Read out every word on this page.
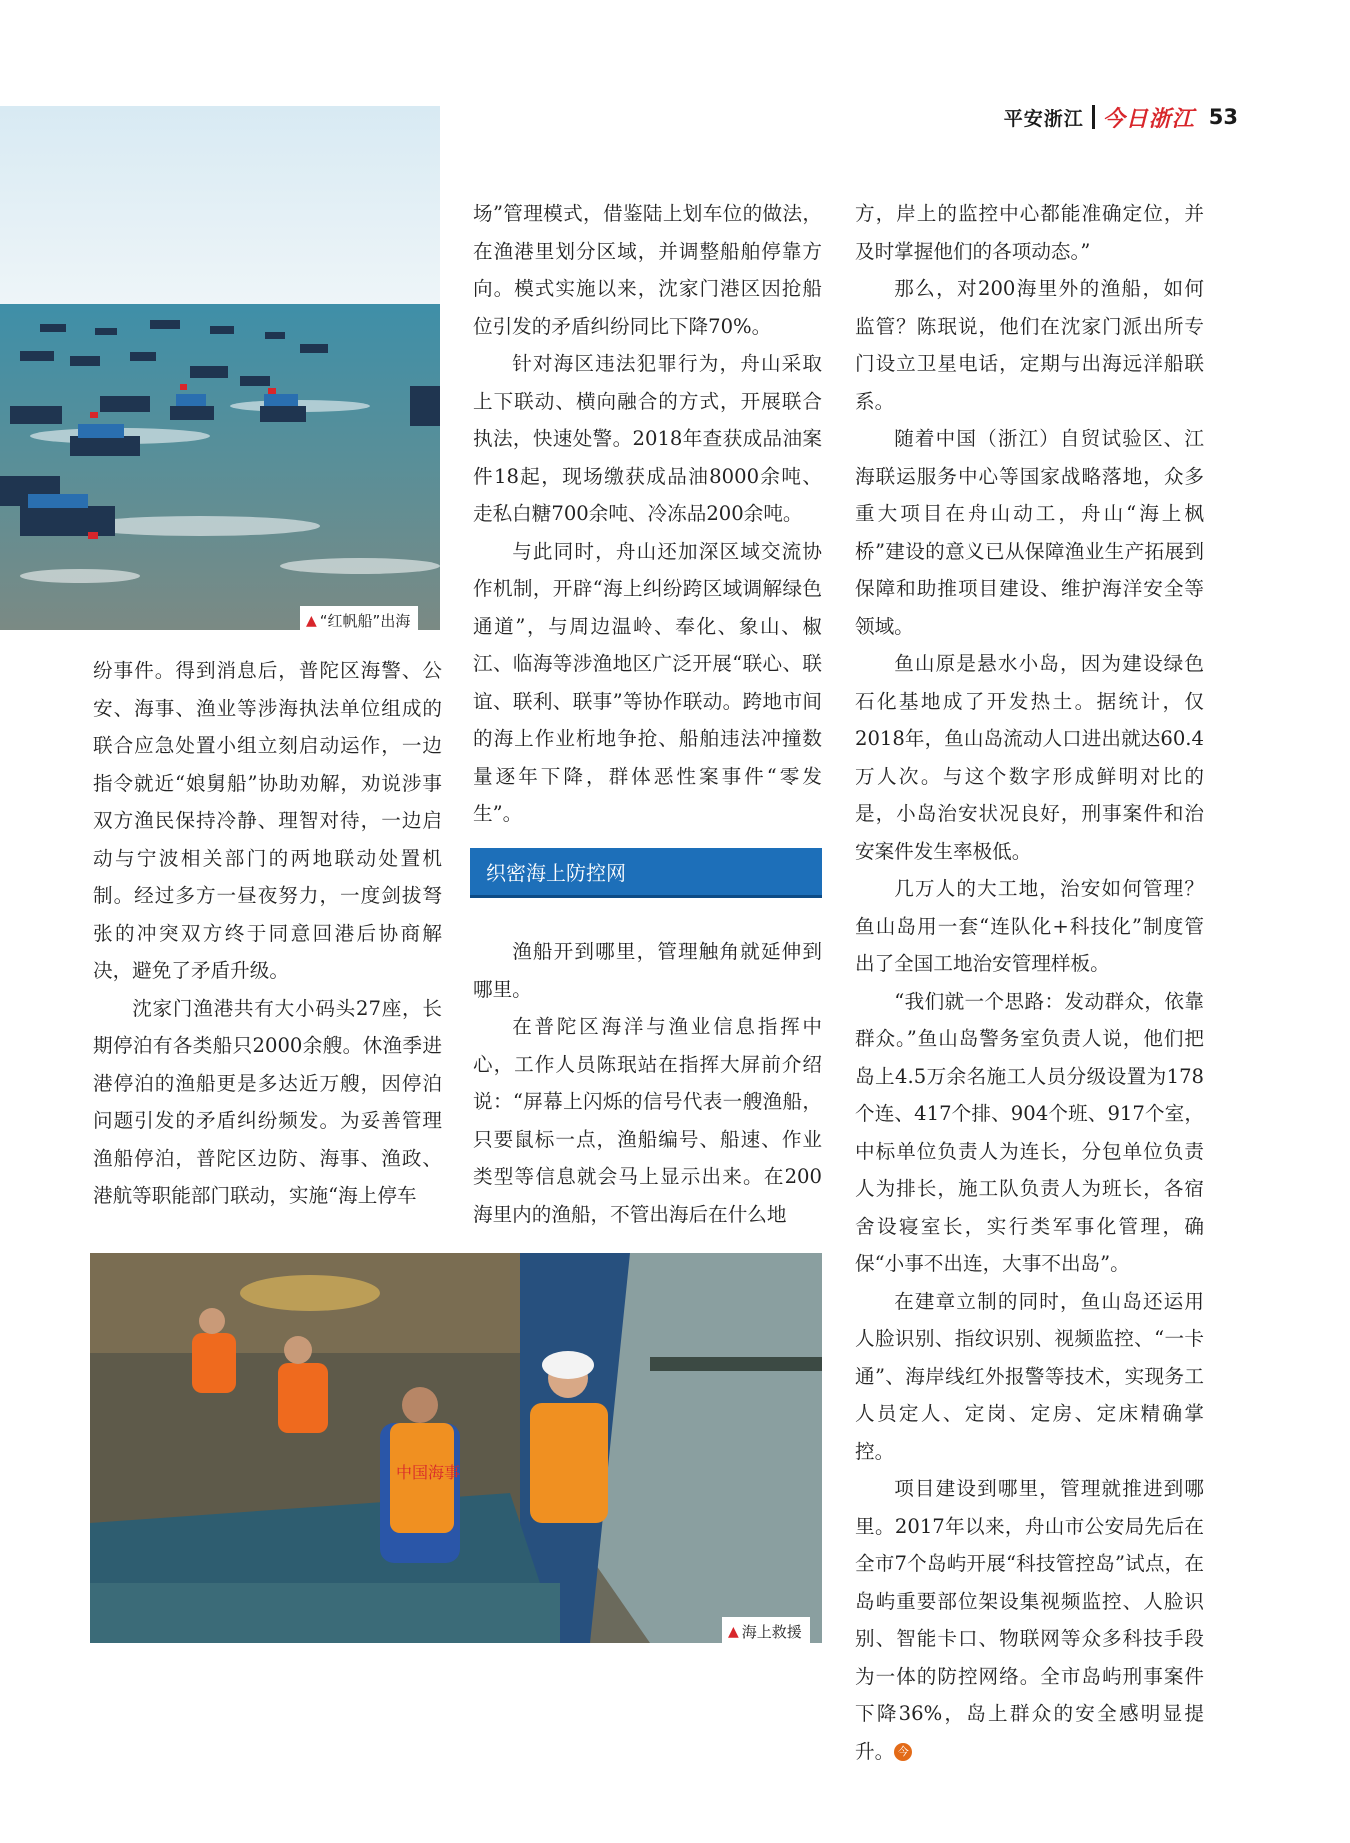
平安浙江 今日浙江 53
▲ “红帆船”出海
中国海事
▲ 海上救援

纷事件。得到消息后，普陀区海警、公安、海事、渔业等涉海执法单位组成的联合应急处置小组立刻启动运作，一边指令就近“娘舅船”协助劝解，劝说涉事双方渔民保持冷静、理智对待，一边启动与宁波相关部门的两地联动处置机制。经过多方一昼夜努力，一度剑拔弩张的冲突双方终于同意回港后协商解决，避免了矛盾升级。

沈家门渔港共有大小码头27座，长期停泊有各类船只2000余艘。休渔季进港停泊的渔船更是多达近万艘，因停泊问题引发的矛盾纠纷频发。为妥善管理渔船停泊，普陀区边防、海事、渔政、港航等职能部门联动，实施“海上停车

场”管理模式，借鉴陆上划车位的做法，在渔港里划分区域，并调整船舶停靠方向。模式实施以来，沈家门港区因抢船位引发的矛盾纠纷同比下降70%。

针对海区违法犯罪行为，舟山采取上下联动、横向融合的方式，开展联合执法，快速处警。2018年查获成品油案件18起，现场缴获成品油8000余吨、走私白糖700余吨、冷冻品200余吨。

与此同时，舟山还加深区域交流协作机制，开辟“海上纠纷跨区域调解绿色通道”，与周边温岭、奉化、象山、椒江、临海等涉渔地区广泛开展“联心、联谊、联利、联事”等协作联动。跨地市间的海上作业桁地争抢、船舶违法冲撞数量逐年下降，群体恶性案事件“零发生”。

织密海上防控网

渔船开到哪里，管理触角就延伸到哪里。

在普陀区海洋与渔业信息指挥中心，工作人员陈珉站在指挥大屏前介绍说：“屏幕上闪烁的信号代表一艘渔船，只要鼠标一点，渔船编号、船速、作业类型等信息就会马上显示出来。在200海里内的渔船，不管出海后在什么地

方，岸上的监控中心都能准确定位，并及时掌握他们的各项动态。”

那么，对200海里外的渔船，如何监管？陈珉说，他们在沈家门派出所专门设立卫星电话，定期与出海远洋船联系。

随着中国（浙江）自贸试验区、江海联运服务中心等国家战略落地，众多重大项目在舟山动工，舟山“海上枫桥”建设的意义已从保障渔业生产拓展到保障和助推项目建设、维护海洋安全等领域。

鱼山原是悬水小岛，因为建设绿色石化基地成了开发热土。据统计，仅2018年，鱼山岛流动人口进出就达60.4万人次。与这个数字形成鲜明对比的是，小岛治安状况良好，刑事案件和治安案件发生率极低。

几万人的大工地，治安如何管理？鱼山岛用一套“连队化+科技化”制度管出了全国工地治安管理样板。

“我们就一个思路：发动群众，依靠群众。”鱼山岛警务室负责人说，他们把岛上4.5万余名施工人员分级设置为178个连、417个排、904个班、917个室，中标单位负责人为连长，分包单位负责人为排长，施工队负责人为班长，各宿舍设寝室长，实行类军事化管理，确保“小事不出连，大事不出岛”。

在建章立制的同时，鱼山岛还运用人脸识别、指纹识别、视频监控、“一卡通”、海岸线红外报警等技术，实现务工人员定人、定岗、定房、定床精确掌控。

项目建设到哪里，管理就推进到哪里。2017年以来，舟山市公安局先后在全市7个岛屿开展“科技管控岛”试点，在岛屿重要部位架设集视频监控、人脸识别、智能卡口、物联网等众多科技手段为一体的防控网络。全市岛屿刑事案件下降36%，岛上群众的安全感明显提升。 今
